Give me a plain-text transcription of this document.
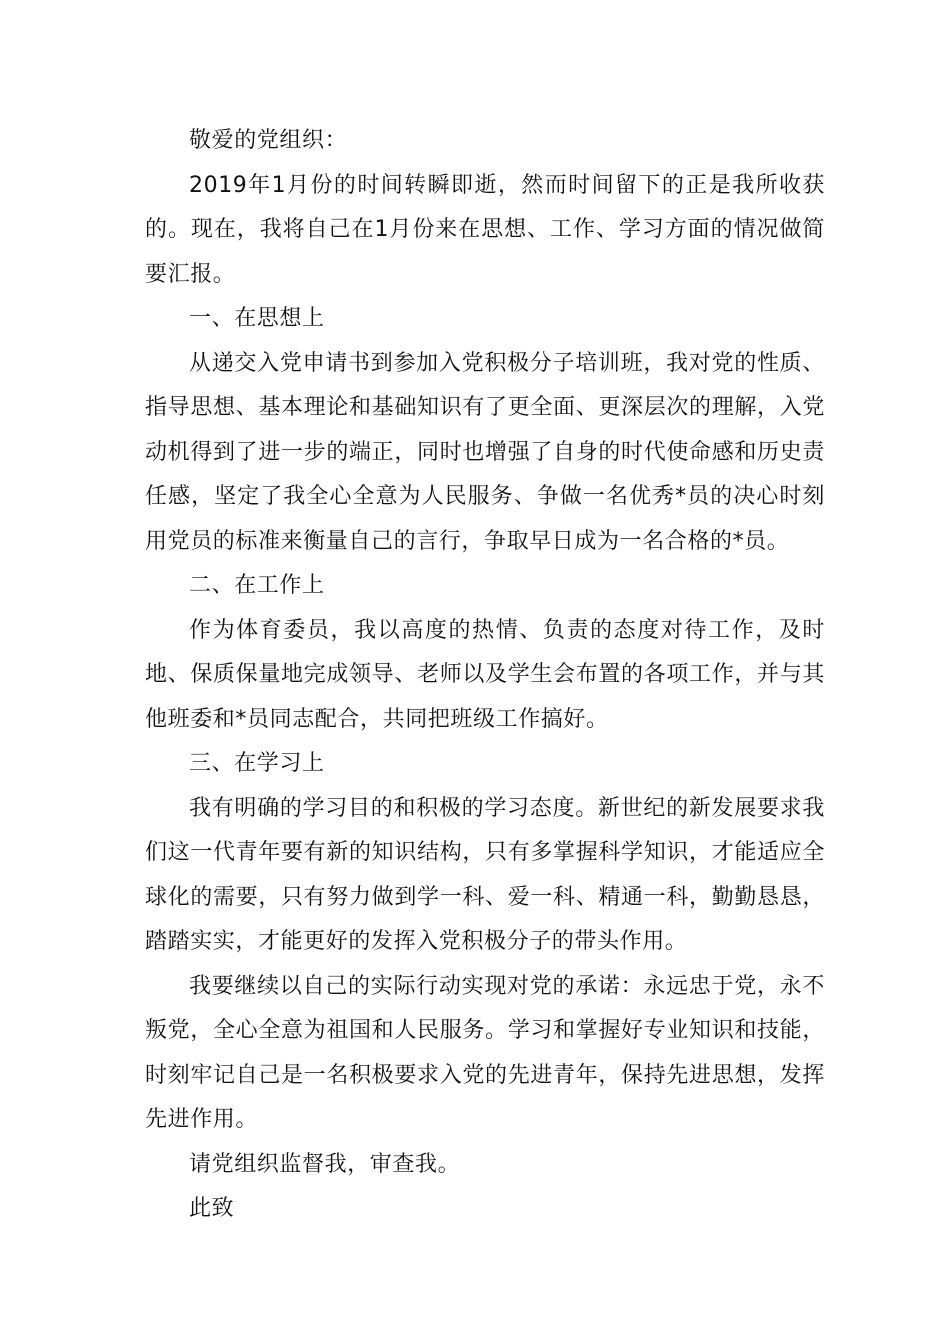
敬爱的党组织：

2019年1月份的时间转瞬即逝，然而时间留下的正是我所收获的。现在，我将自己在1月份来在思想、工作、学习方面的情况做简要汇报。

一、在思想上

从递交入党申请书到参加入党积极分子培训班，我对党的性质、指导思想、基本理论和基础知识有了更全面、更深层次的理解，入党动机得到了进一步的端正，同时也增强了自身的时代使命感和历史责任感，坚定了我全心全意为人民服务、争做一名优秀*员的决心时刻用党员的标准来衡量自己的言行，争取早日成为一名合格的*员。

二、在工作上

作为体育委员，我以高度的热情、负责的态度对待工作，及时地、保质保量地完成领导、老师以及学生会布置的各项工作，并与其他班委和*员同志配合，共同把班级工作搞好。

三、在学习上

我有明确的学习目的和积极的学习态度。新世纪的新发展要求我们这一代青年要有新的知识结构，只有多掌握科学知识，才能适应全球化的需要，只有努力做到学一科、爱一科、精通一科，勤勤恳恳，踏踏实实，才能更好的发挥入党积极分子的带头作用。

我要继续以自己的实际行动实现对党的承诺：永远忠于党，永不叛党，全心全意为祖国和人民服务。学习和掌握好专业知识和技能，时刻牢记自己是一名积极要求入党的先进青年，保持先进思想，发挥先进作用。

请党组织监督我，审查我。

此致
